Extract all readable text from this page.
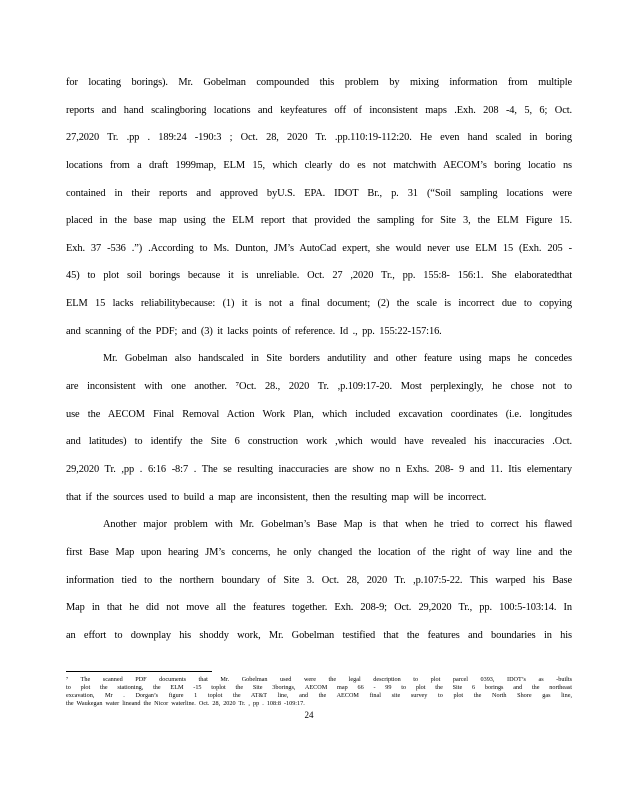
for locating borings). Mr. Gobelman compounded this problem by mixing information from multiple
reports and hand scalingboring locations and keyfeatures off of inconsistent maps .Exh. 208 -4, 5, 6; Oct.
27,2020 Tr. .pp . 189:24 -190:3 ; Oct. 28, 2020 Tr. .pp.110:19-112:20. He even hand scaled in boring
locations from a draft 1999map, ELM 15, which clearly do es not matchwith AECOM’s boring locatio ns
contained in their reports and approved byU.S. EPA. IDOT Br., p. 31 (“Soil sampling locations were
placed in the base map using the ELM report that provided the sampling for Site 3, the ELM Figure 15.
Exh. 37 -536 .”) .According to Ms. Dunton, JM’s AutoCad expert, she would never use ELM 15 (Exh. 205 -
45) to plot soil borings because it is unreliable. Oct. 27 ,2020 Tr., pp. 155:8- 156:1. She elaboratedthat
ELM 15 lacks reliabilitybecause: (1) it is not a final document; (2) the scale is incorrect due to copying
and scanning of the PDF; and (3) it lacks points of reference. Id ., pp. 155:22-157:16.
Mr. Gobelman also handscaled in Site borders andutility and other feature using maps he concedes
are inconsistent with one another. ⁷Oct. 28., 2020 Tr. ,p.109:17-20. Most perplexingly, he chose not to
use the AECOM Final Removal Action Work Plan, which included excavation coordinates (i.e. longitudes
and latitudes) to identify the Site 6 construction work ,which would have revealed his inaccuracies .Oct.
29,2020 Tr. ,pp . 6:16 -8:7 . The se resulting inaccuracies are show no n Exhs. 208- 9 and 11. Itis elementary
that if the sources used to build a map are inconsistent, then the resulting map will be incorrect.
Another major problem with Mr. Gobelman’s Base Map is that when he tried to correct his flawed
first Base Map upon hearing JM’s concerns, he only changed the location of the right of way line and the
information tied to the northern boundary of Site 3. Oct. 28, 2020 Tr. ,p.107:5-22. This warped his Base
Map in that he did not move all the features together. Exh. 208-9; Oct. 29,2020 Tr., pp. 100:5-103:14. In
an effort to downplay his shoddy work, Mr. Gobelman testified that the features and boundaries in his
⁷ The scanned PDF documents that Mr. Gobelman used were the legal description to plot parcel 0393, IDOT’s as -builts
to plot the stationing, the ELM -15 toplot the Site 3borings, AECOM map 66 - 99 to plot the Site 6 borings and the northeast
excavation, Mr . Dorgan’s figure 1 toplot the AT&T line, and the AECOM final site survey to plot the North Shore gas line,
the Waukegan water lineand the Nicor waterline. Oct. 28, 2020 Tr. , pp . 108:8 -109:17.
24
